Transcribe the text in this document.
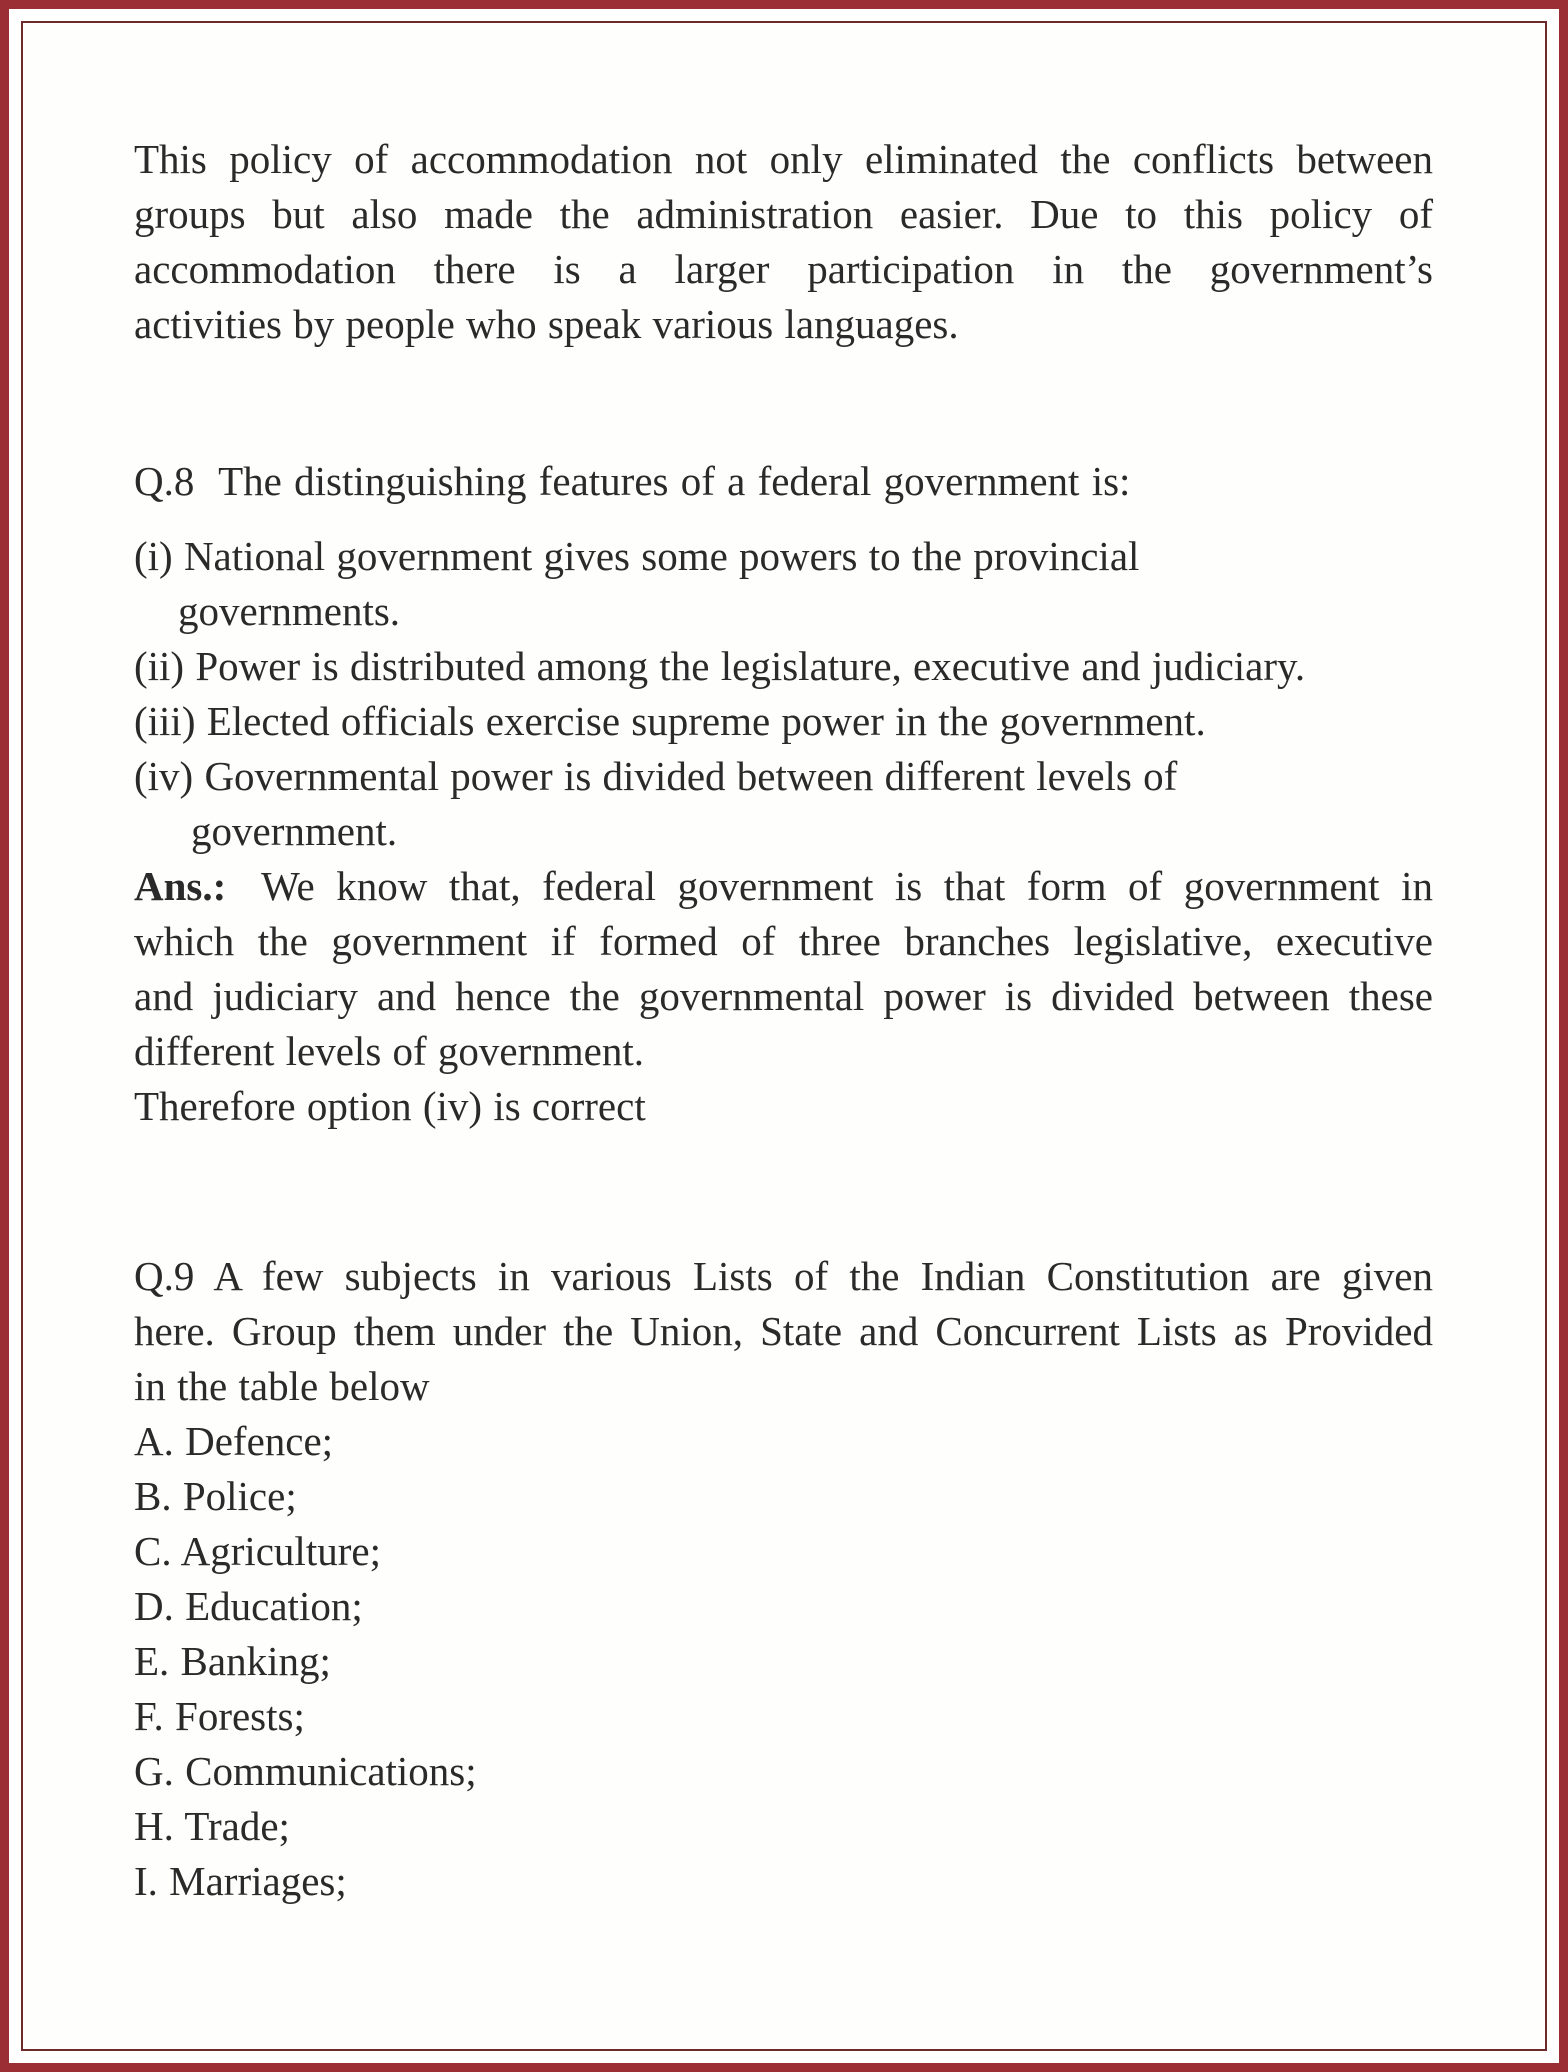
This policy of accommodation not only eliminated the conflicts between
groups but also made the administration easier. Due to this policy of
accommodation there is a larger participation in the government’s
activities by people who speak various languages.
Q.8  The distinguishing features of a federal government is:
(i) National government gives some powers to the provincial
governments.
(ii) Power is distributed among the legislature, executive and judiciary.
(iii) Elected officials exercise supreme power in the government.
(iv) Governmental power is divided between different levels of
government.
Ans.: We know that, federal government is that form of government in
which the government if formed of three branches legislative, executive
and judiciary and hence the governmental power is divided between these
different levels of government.
Therefore option (iv) is correct
Q.9 A few subjects in various Lists of the Indian Constitution are given
here. Group them under the Union, State and Concurrent Lists as Provided
in the table below
A. Defence;
B. Police;
C. Agriculture;
D. Education;
E. Banking;
F. Forests;
G. Communications;
H. Trade;
I. Marriages;
